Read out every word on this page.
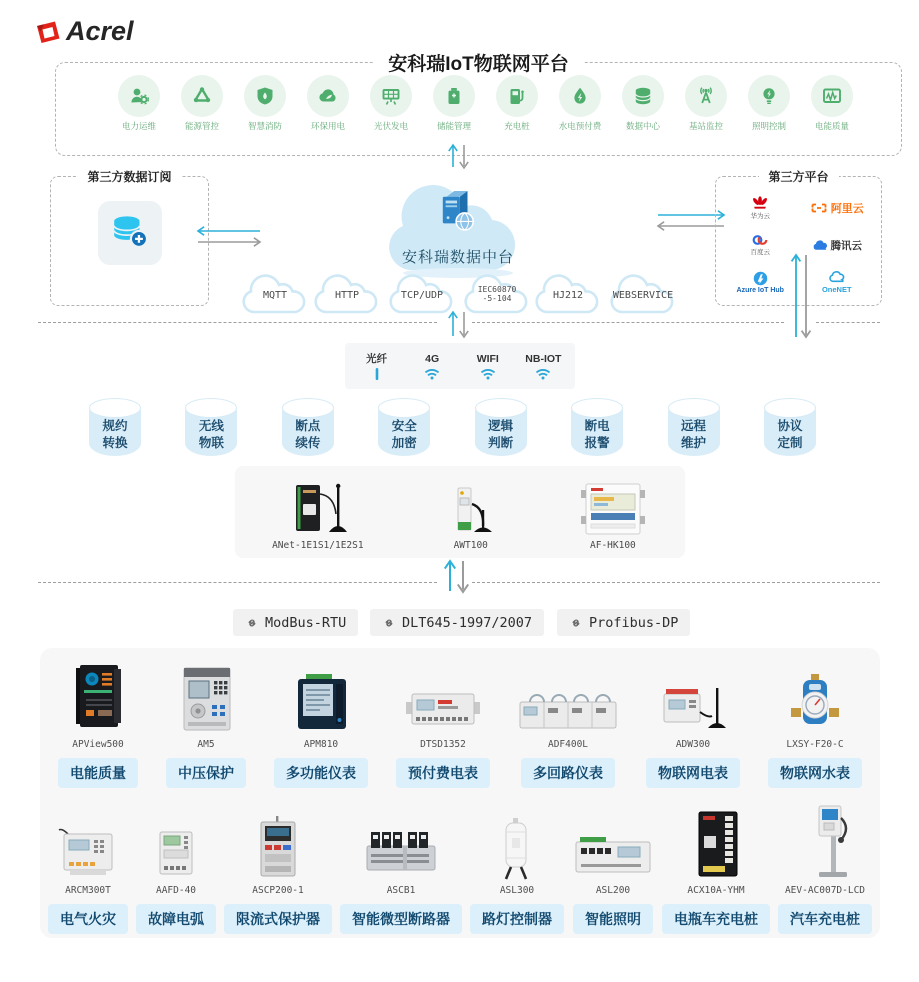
Acrel
安科瑞IoT物联网平台
电力运维	能源管控	智慧消防	环保用电	光伏发电	储能管理	充电桩	水电预付费	数据中心	基站监控	照明控制	电能质量
第三方数据订阅
安科瑞数据中台
第三方平台
华为云
阿里云
百度云
腾讯云
Azure IoT Hub	OneNET
MQTT	HTTP	TCP/UDP
IEC60870
-5-104	HJ212	WEBSERVICE
光纤	4G	WIFI	NB-IOT
规约
转换
无线
物联
断点
续传
安全
加密
逻辑
判断
断电
报警
远程
维护
协议
定制
ANet-1E1S1/1E2S1	AWT100	AF-HK100
ModBus-RTU	DLT645-1997/2007	Profibus-DP
APView500
电能质量
AM5
中压保护
APM810
多功能仪表
DTSD1352
预付费电表
ADF400L
多回路仪表
ADW300
物联网电表
LXSY-F20-C
物联网水表
ARCM300T
电气火灾
AAFD-40
故障电弧
ASCP200-1
限流式保护器
ASCB1
智能微型断路器
ASL300
路灯控制器
ASL200
智能照明
ACX10A-YHM
电瓶车充电桩
AEV-AC007D-LCD
汽车充电桩
